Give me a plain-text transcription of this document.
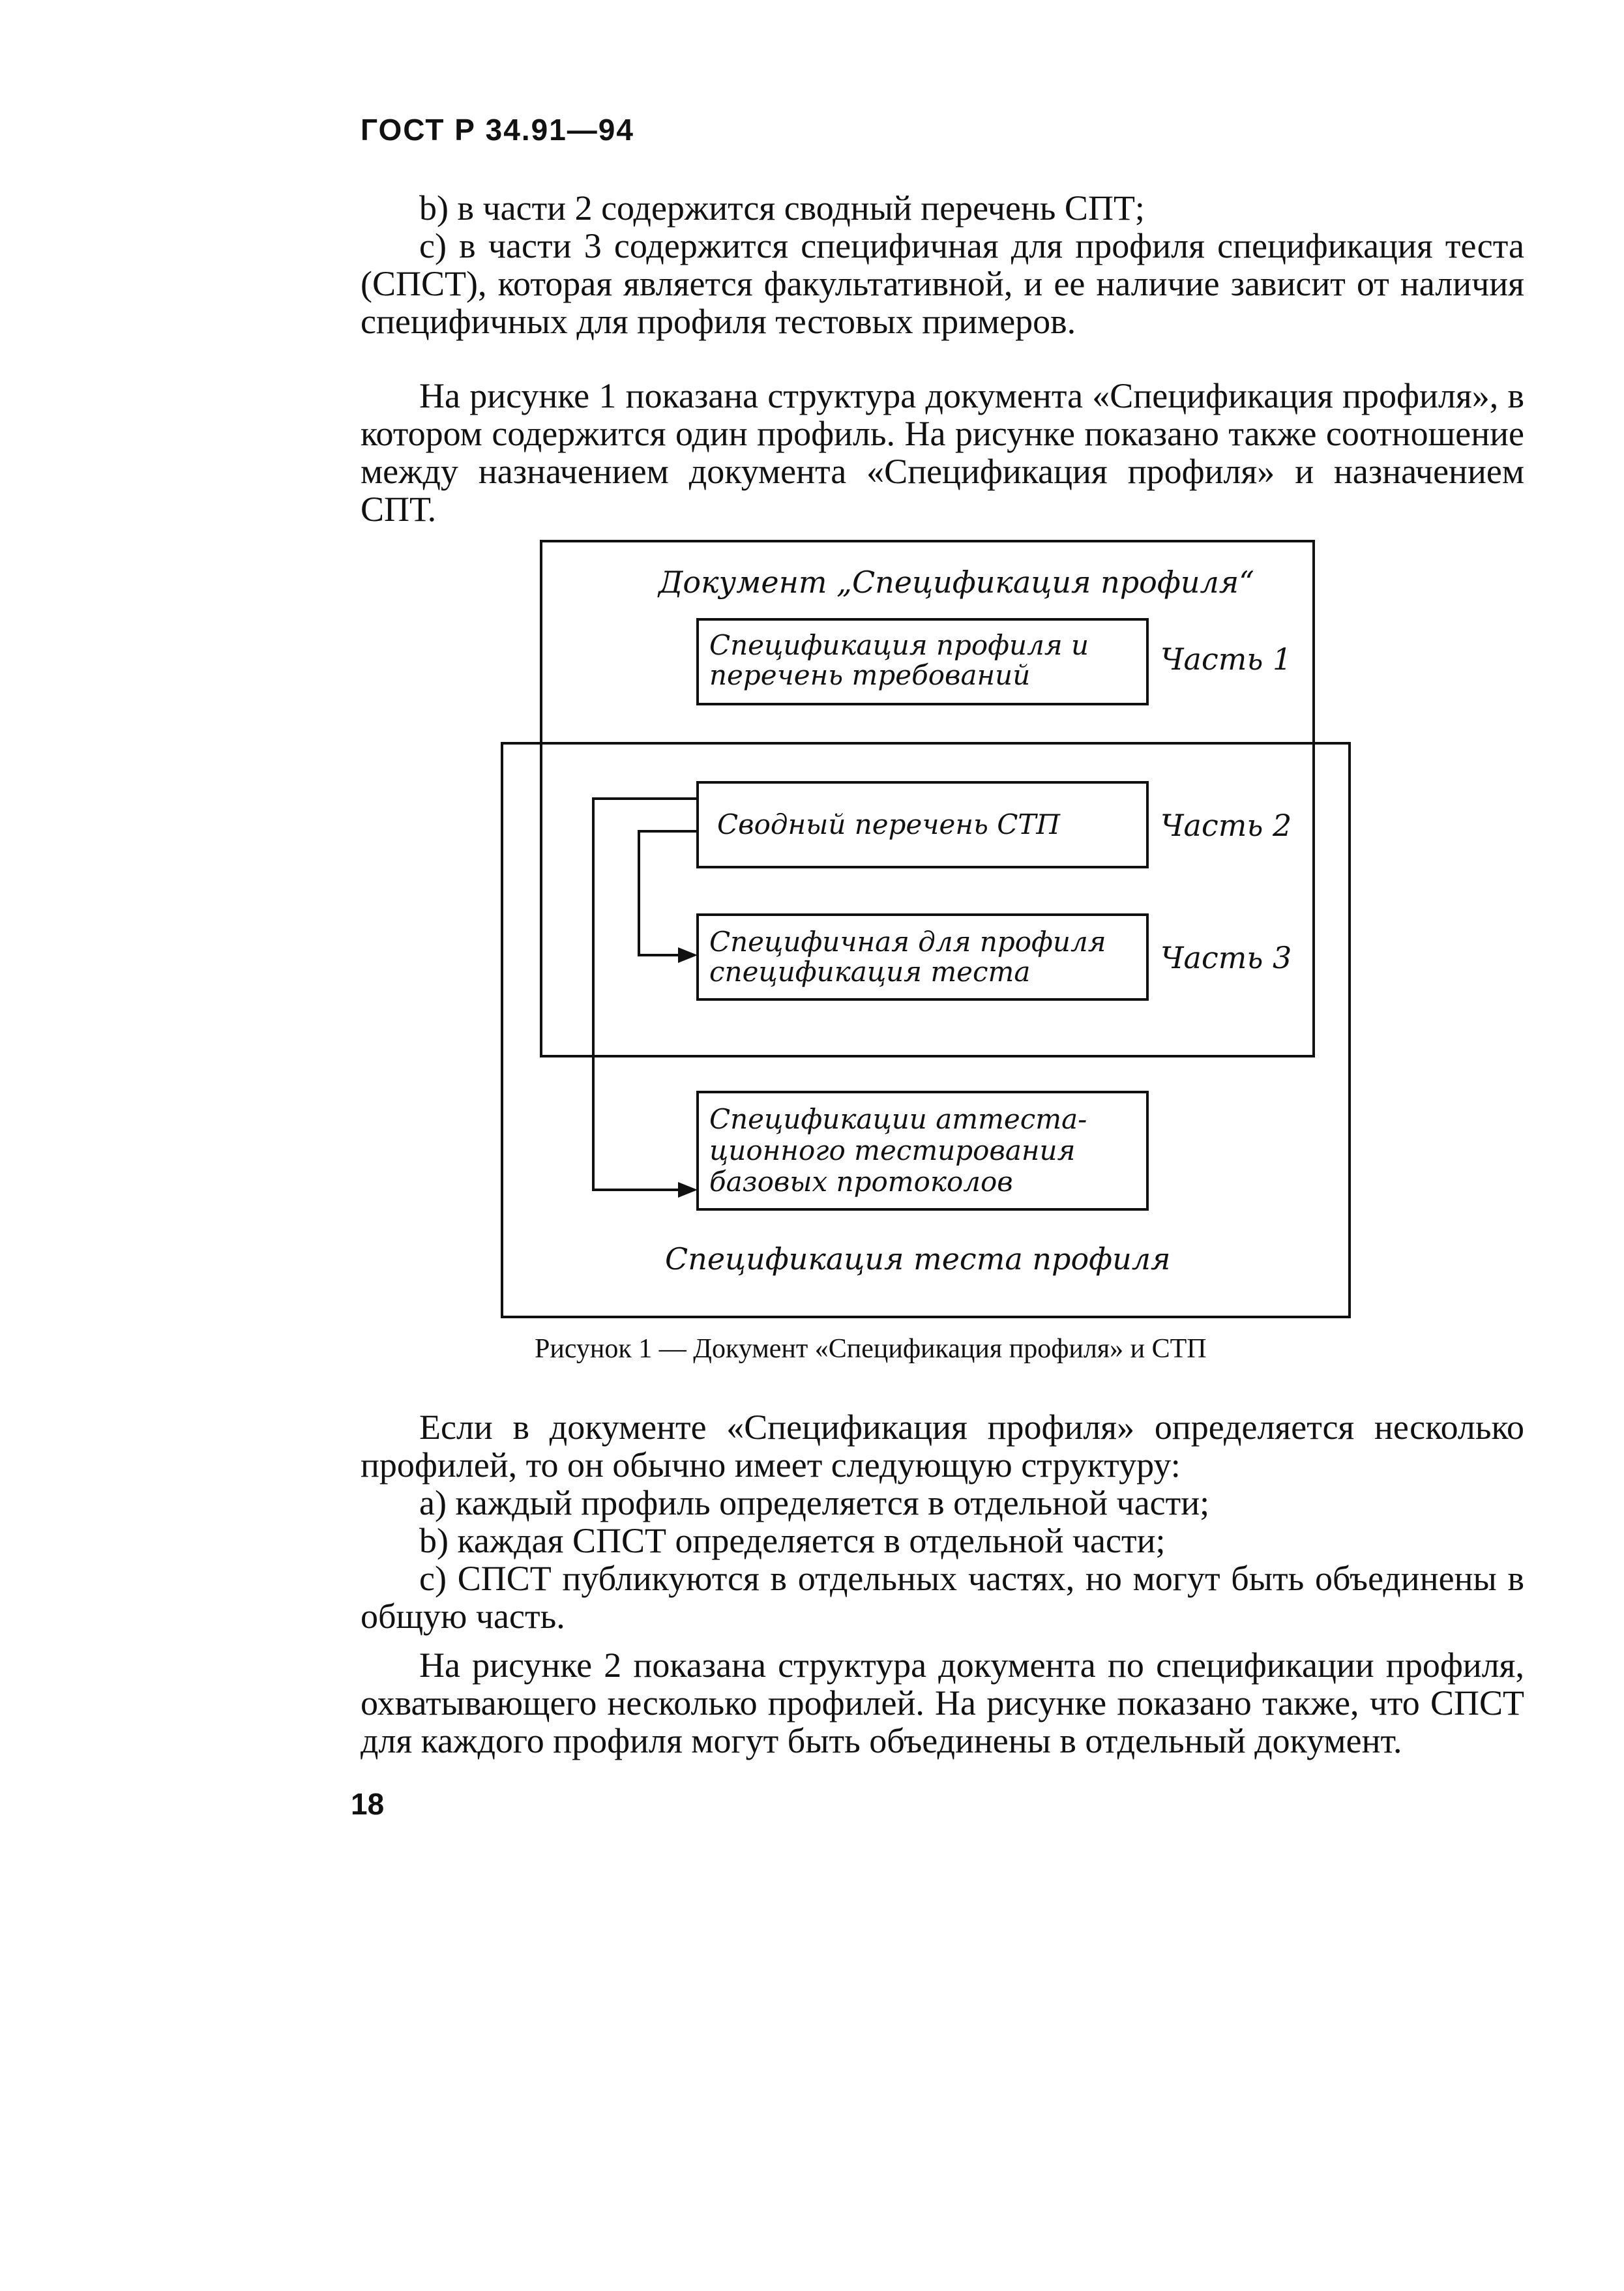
ГОСТ Р 34.91—94

b) в части 2 содержится сводный перечень СПТ;

c) в части 3 содержится специфичная для профиля спецификация теста (СПСТ), которая является факультативной, и ее наличие зависит от наличия специфичных для профиля тестовых примеров.

На рисунке 1 показана структура документа «Спецификация профиля», в котором содержится один профиль. На рисунке показано также соотношение между назначением документа «Спецификация профиля» и назначением СПТ.

Документ „Спецификация профиля“
Спецификация профиля и
перечень требований	Часть 1
Сводный перечень СТП	Часть 2
Специфичная для профиля
спецификация теста	Часть 3
Спецификации аттеста-
ционного тестирования
базовых протоколов
Спецификация теста профиля
Рисунок 1 — Документ «Спецификация профиля» и СТП

Если в документе «Спецификация профиля» определяется несколько профилей, то он обычно имеет следующую структуру:

a) каждый профиль определяется в отдельной части;

b) каждая СПСТ определяется в отдельной части;

c) СПСТ публикуются в отдельных частях, но могут быть объединены в общую часть.

На рисунке 2 показана структура документа по спецификации профиля, охватывающего несколько профилей. На рисунке показано также, что СПСТ для каждого профиля могут быть объединены в отдельный документ.

18
